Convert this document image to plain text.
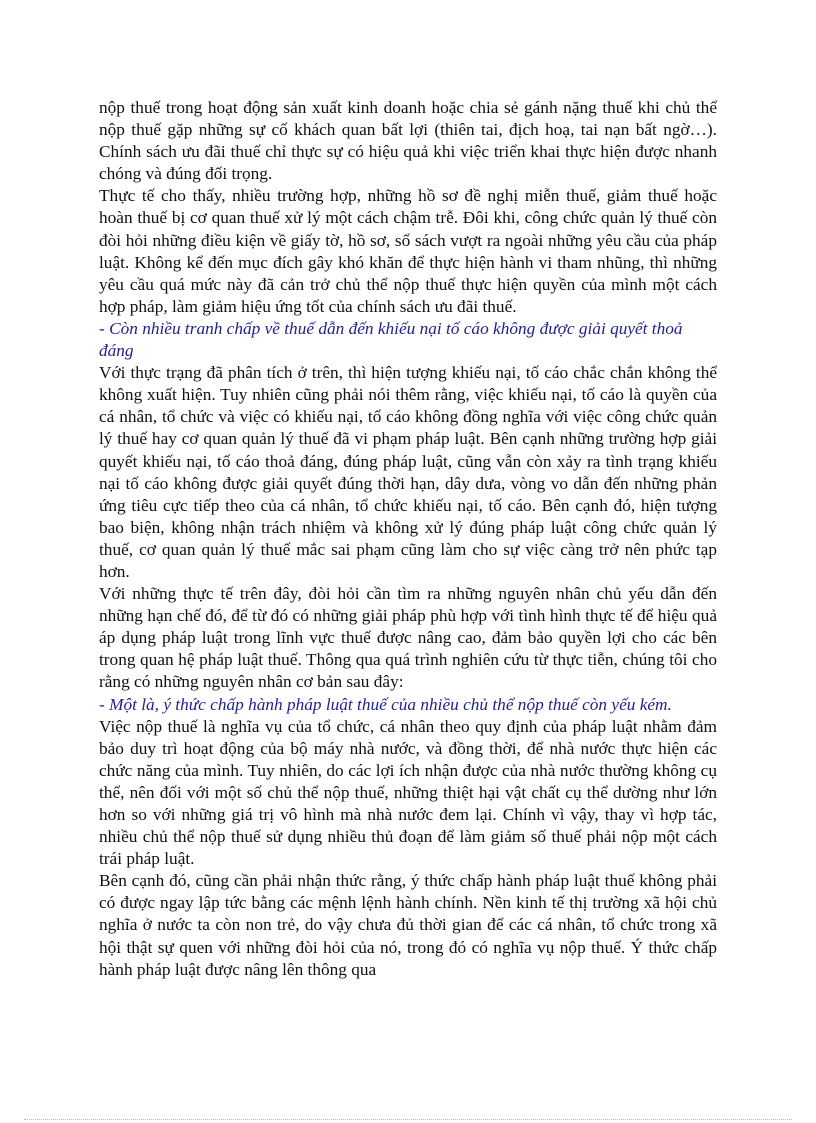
nộp thuế trong hoạt động sản xuất kinh doanh hoặc chia sẻ gánh nặng thuế khi chủ thể nộp thuế gặp những sự cố khách quan bất lợi (thiên tai, địch hoạ, tai nạn bất ngờ…). Chính sách ưu đãi thuế chỉ thực sự có hiệu quả khi việc triển khai thực hiện được nhanh chóng và đúng đối trọng.

Thực tế cho thấy, nhiều trường hợp, những hồ sơ đề nghị miễn thuế, giảm thuế hoặc hoàn thuế bị cơ quan thuế xử lý một cách chậm trễ. Đôi khi, công chức quản lý thuế còn đòi hỏi những điều kiện về giấy tờ, hồ sơ, sổ sách vượt ra ngoài những yêu cầu của pháp luật. Không kể đến mục đích gây khó khăn để thực hiện hành vi tham nhũng, thì những yêu cầu quá mức này đã cản trở chủ thể nộp thuế thực hiện quyền của mình một cách hợp pháp, làm giảm hiệu ứng tốt của chính sách ưu đãi thuế.

- Còn nhiều tranh chấp về thuế dẫn đến khiếu nại tố cáo không được giải quyết thoả đáng

Với thực trạng đã phân tích ở trên, thì hiện tượng khiếu nại, tố cáo chắc chắn không thể không xuất hiện. Tuy nhiên cũng phải nói thêm rằng, việc khiếu nại, tố cáo là quyền của cá nhân, tổ chức và việc có khiếu nại, tố cáo không đồng nghĩa với việc công chức quản lý thuế hay cơ quan quản lý thuế đã vi phạm pháp luật. Bên cạnh những trường hợp giải quyết khiếu nại, tố cáo thoả đáng, đúng pháp luật, cũng vẫn còn xảy ra tình trạng khiếu nại tố cáo không được giải quyết đúng thời hạn, dây dưa, vòng vo dẫn đến những phản ứng tiêu cực tiếp theo của cá nhân, tổ chức khiếu nại, tố cáo. Bên cạnh đó, hiện tượng bao biện, không nhận trách nhiệm và không xử lý đúng pháp luật công chức quản lý thuế, cơ quan quản lý thuế mắc sai phạm cũng làm cho sự việc càng trở nên phức tạp hơn.

Với những thực tế trên đây, đòi hỏi cần tìm ra những nguyên nhân chủ yếu dẫn đến những hạn chế đó, để từ đó có những giải pháp phù hợp với tình hình thực tế để hiệu quả áp dụng pháp luật trong lĩnh vực thuế được nâng cao, đảm bảo quyền lợi cho các bên trong quan hệ pháp luật thuế. Thông qua quá trình nghiên cứu từ thực tiễn, chúng tôi cho rằng có những nguyên nhân cơ bản sau đây:

- Một là, ý thức chấp hành pháp luật thuế của nhiều chủ thể nộp thuế còn yếu kém.

Việc nộp thuế là nghĩa vụ của tổ chức, cá nhân theo quy định của pháp luật nhằm đảm bảo duy trì hoạt động của bộ máy nhà nước, và đồng thời, để nhà nước thực hiện các chức năng của mình. Tuy nhiên, do các lợi ích nhận được của nhà nước thường không cụ thể, nên đối với một số chủ thể nộp thuế, những thiệt hại vật chất cụ thể dường như lớn hơn so với những giá trị vô hình mà nhà nước đem lại. Chính vì vậy, thay vì hợp tác, nhiều chủ thể nộp thuế sử dụng nhiều thủ đoạn để làm giảm số thuế phải nộp một cách trái pháp luật.

Bên cạnh đó, cũng cần phải nhận thức rằng, ý thức chấp hành pháp luật thuế không phải có được ngay lập tức bằng các mệnh lệnh hành chính. Nền kinh tế thị trường xã hội chủ nghĩa ở nước ta còn non trẻ, do vậy chưa đủ thời gian để các cá nhân, tổ chức trong xã hội thật sự quen với những đòi hỏi của nó, trong đó có nghĩa vụ nộp thuế. Ý thức chấp hành pháp luật được nâng lên thông qua
